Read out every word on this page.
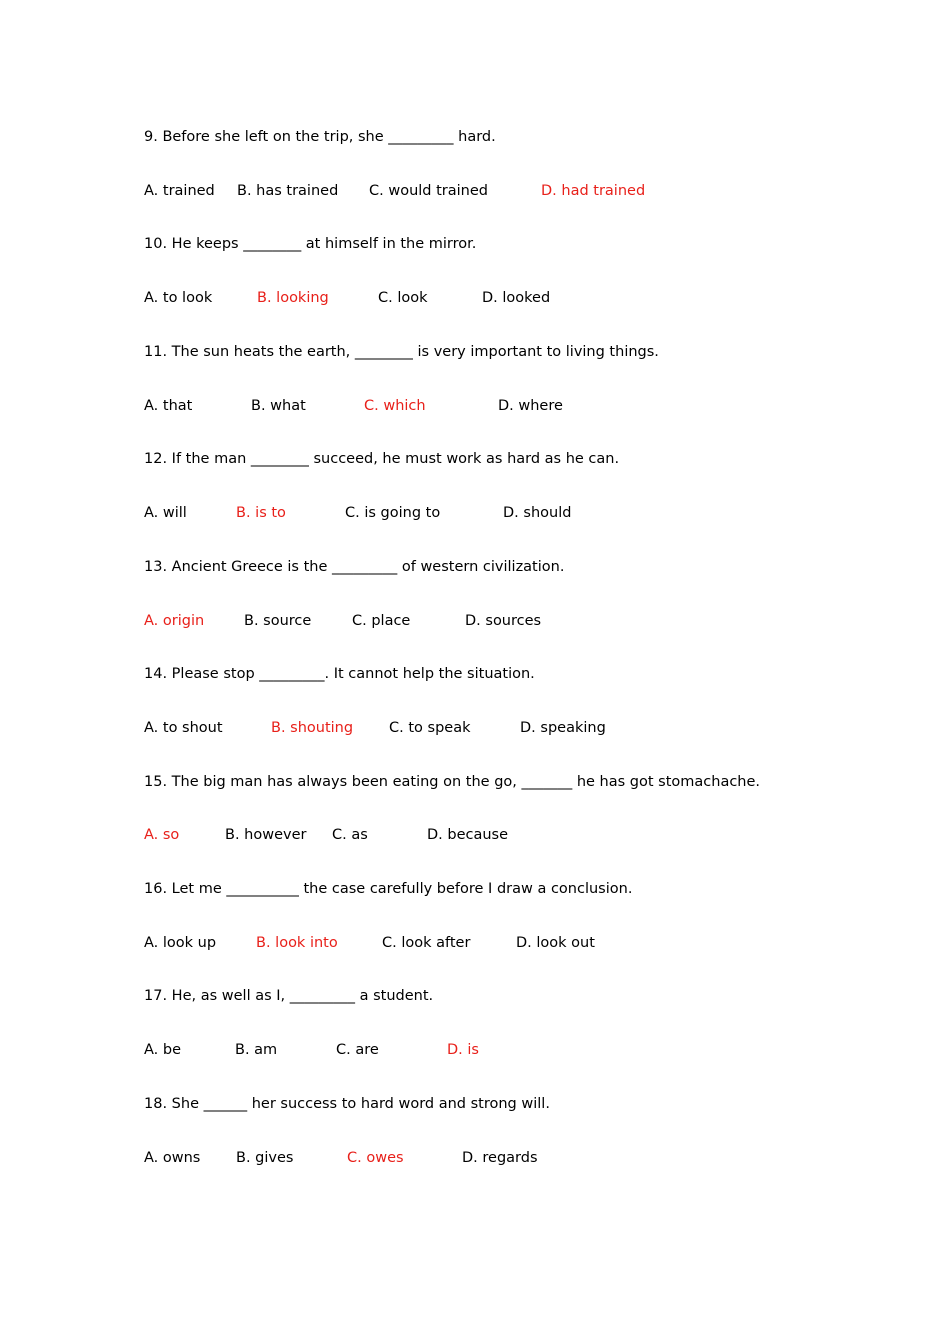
9. Before she left on the trip, she _________ hard.

A. trained

B. has trained

C. would trained

	D. had trained

10. He keeps ________ at himself in the mirror.

A. to look

	B. looking

	C. look

	D. looked

11. The sun heats the earth, ________ is very important to living things.

A. that

	B. what

	C. which

	D. where

12. If the man ________ succeed, he must work as hard as he can.

A. will

	B. is to

	C. is going to

	D. should

13. Ancient Greece is the _________ of western civilization.

A. origin

	B. source

	C. place

	D. sources

14. Please stop _________. It cannot help the situation.

A. to shout

	B. shouting

C. to speak

	D. speaking

15. The big man has always been eating on the go, _______ he has got stomachache.

A. so

	B. however

C. as

	D. because

16. Let me __________ the case carefully before I draw a conclusion.

A. look up

	B. look into

	C. look after

	D. look out

17. He, as well as I, _________ a student.

A. be

	B. am

	C. are

	D. is

18. She ______ her success to hard word and strong will.

A. owns

B. gives

	C. owes

	D. regards
